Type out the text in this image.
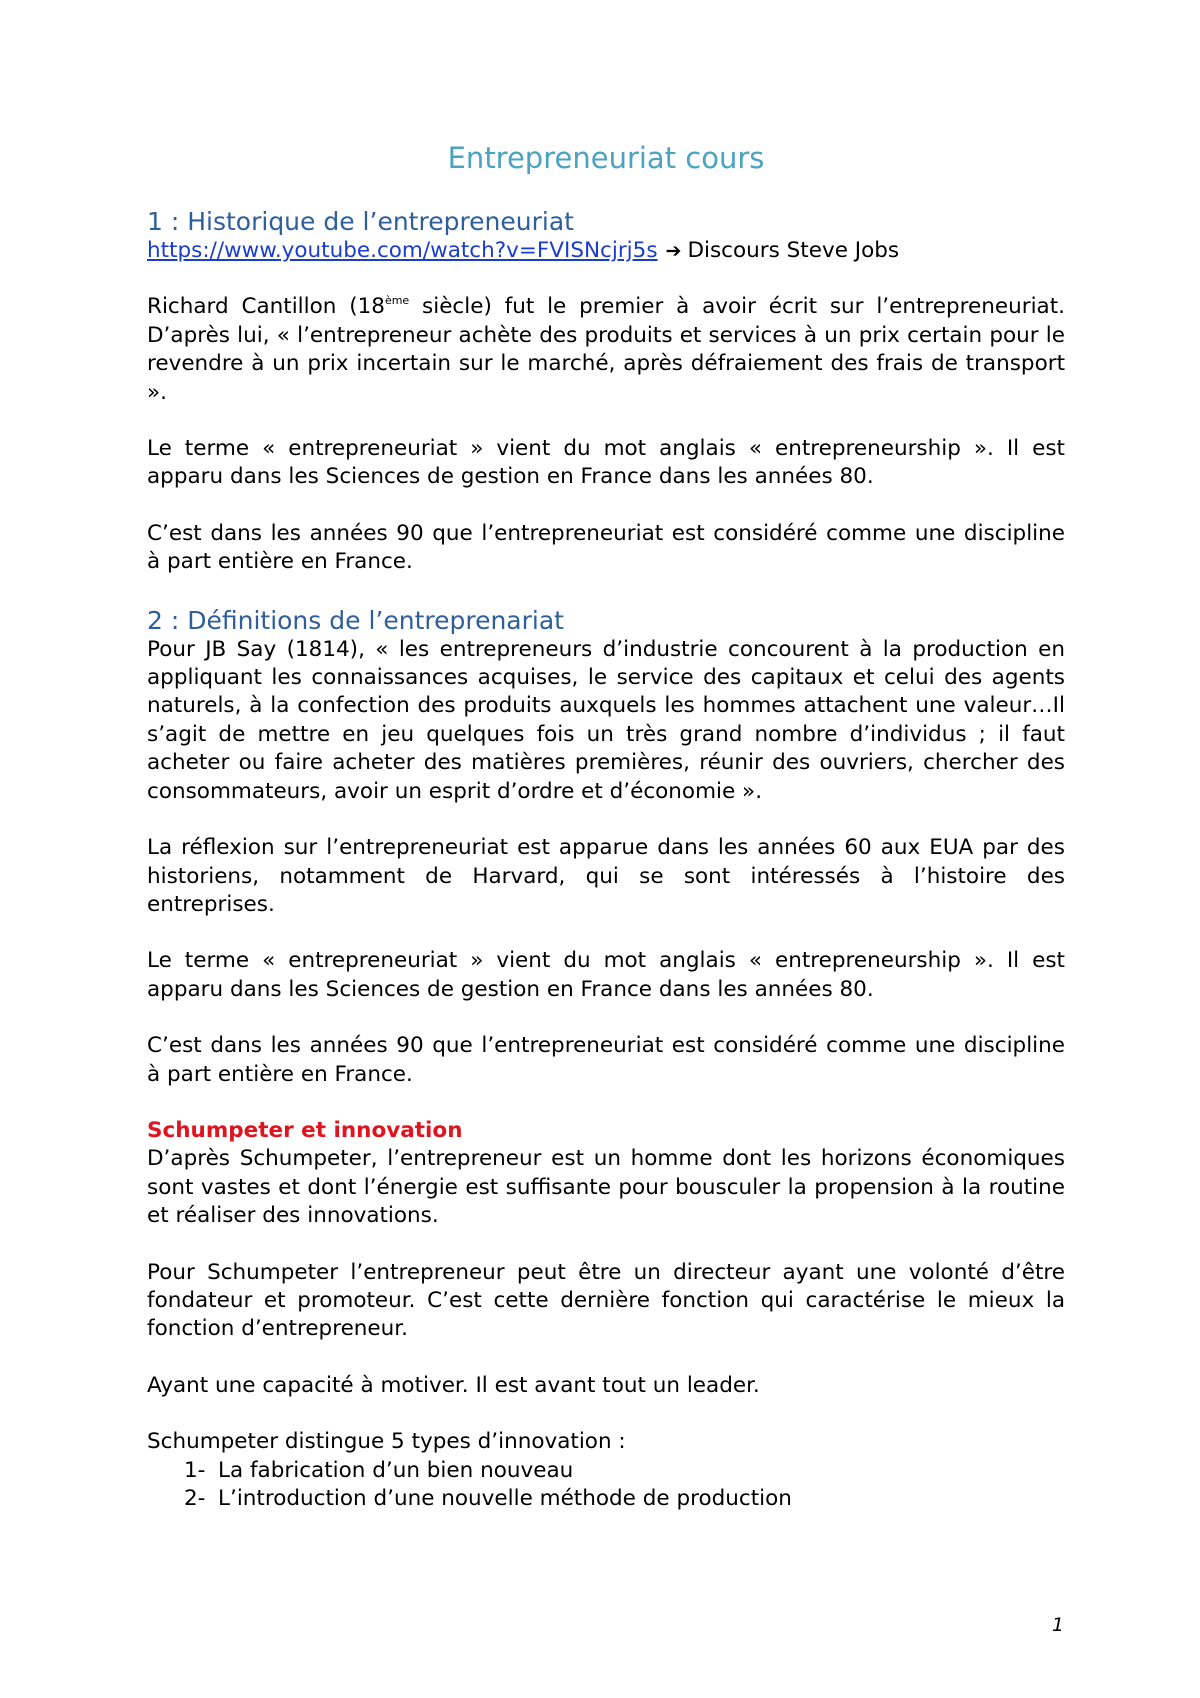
Entrepreneuriat cours
1 : Historique de l’entrepreneuriat

https://www.youtube.com/watch?v=FVISNcjrj5s ➔ Discours Steve Jobs

Richard Cantillon (18ème siècle) fut le premier à avoir écrit sur l’entrepreneuriat. D’après lui, « l’entrepreneur achète des produits et services à un prix certain pour le revendre à un prix incertain sur le marché, après défraiement des frais de transport ».

Le terme « entrepreneuriat » vient du mot anglais « entrepreneurship ». Il est apparu dans les Sciences de gestion en France dans les années 80.

C’est dans les années 90 que l’entrepreneuriat est considéré comme une discipline à part entière en France.

2 : Définitions de l’entreprenariat

Pour JB Say (1814), « les entrepreneurs d’industrie concourent à la production en appliquant les connaissances acquises, le service des capitaux et celui des agents naturels, à la confection des produits auxquels les hommes attachent une valeur…Il s’agit de mettre en jeu quelques fois un très grand nombre d’individus ; il faut acheter ou faire acheter des matières premières, réunir des ouvriers, chercher des consommateurs, avoir un esprit d’ordre et d’économie ».

La réflexion sur l’entrepreneuriat est apparue dans les années 60 aux EUA par des historiens, notamment de Harvard, qui se sont intéressés à l’histoire des entreprises.

Le terme « entrepreneuriat » vient du mot anglais « entrepreneurship ». Il est apparu dans les Sciences de gestion en France dans les années 80.

C’est dans les années 90 que l’entrepreneuriat est considéré comme une discipline à part entière en France.

Schumpeter et innovation

D’après Schumpeter, l’entrepreneur est un homme dont les horizons économiques sont vastes et dont l’énergie est suffisante pour bousculer la propension à la routine et réaliser des innovations.

Pour Schumpeter l’entrepreneur peut être un directeur ayant une volonté d’être fondateur et promoteur. C’est cette dernière fonction qui caractérise le mieux la fonction d’entrepreneur.

Ayant une capacité à motiver. Il est avant tout un leader.

Schumpeter distingue 5 types d’innovation :

1- La fabrication d’un bien nouveau
2- L’introduction d’une nouvelle méthode de production
1
